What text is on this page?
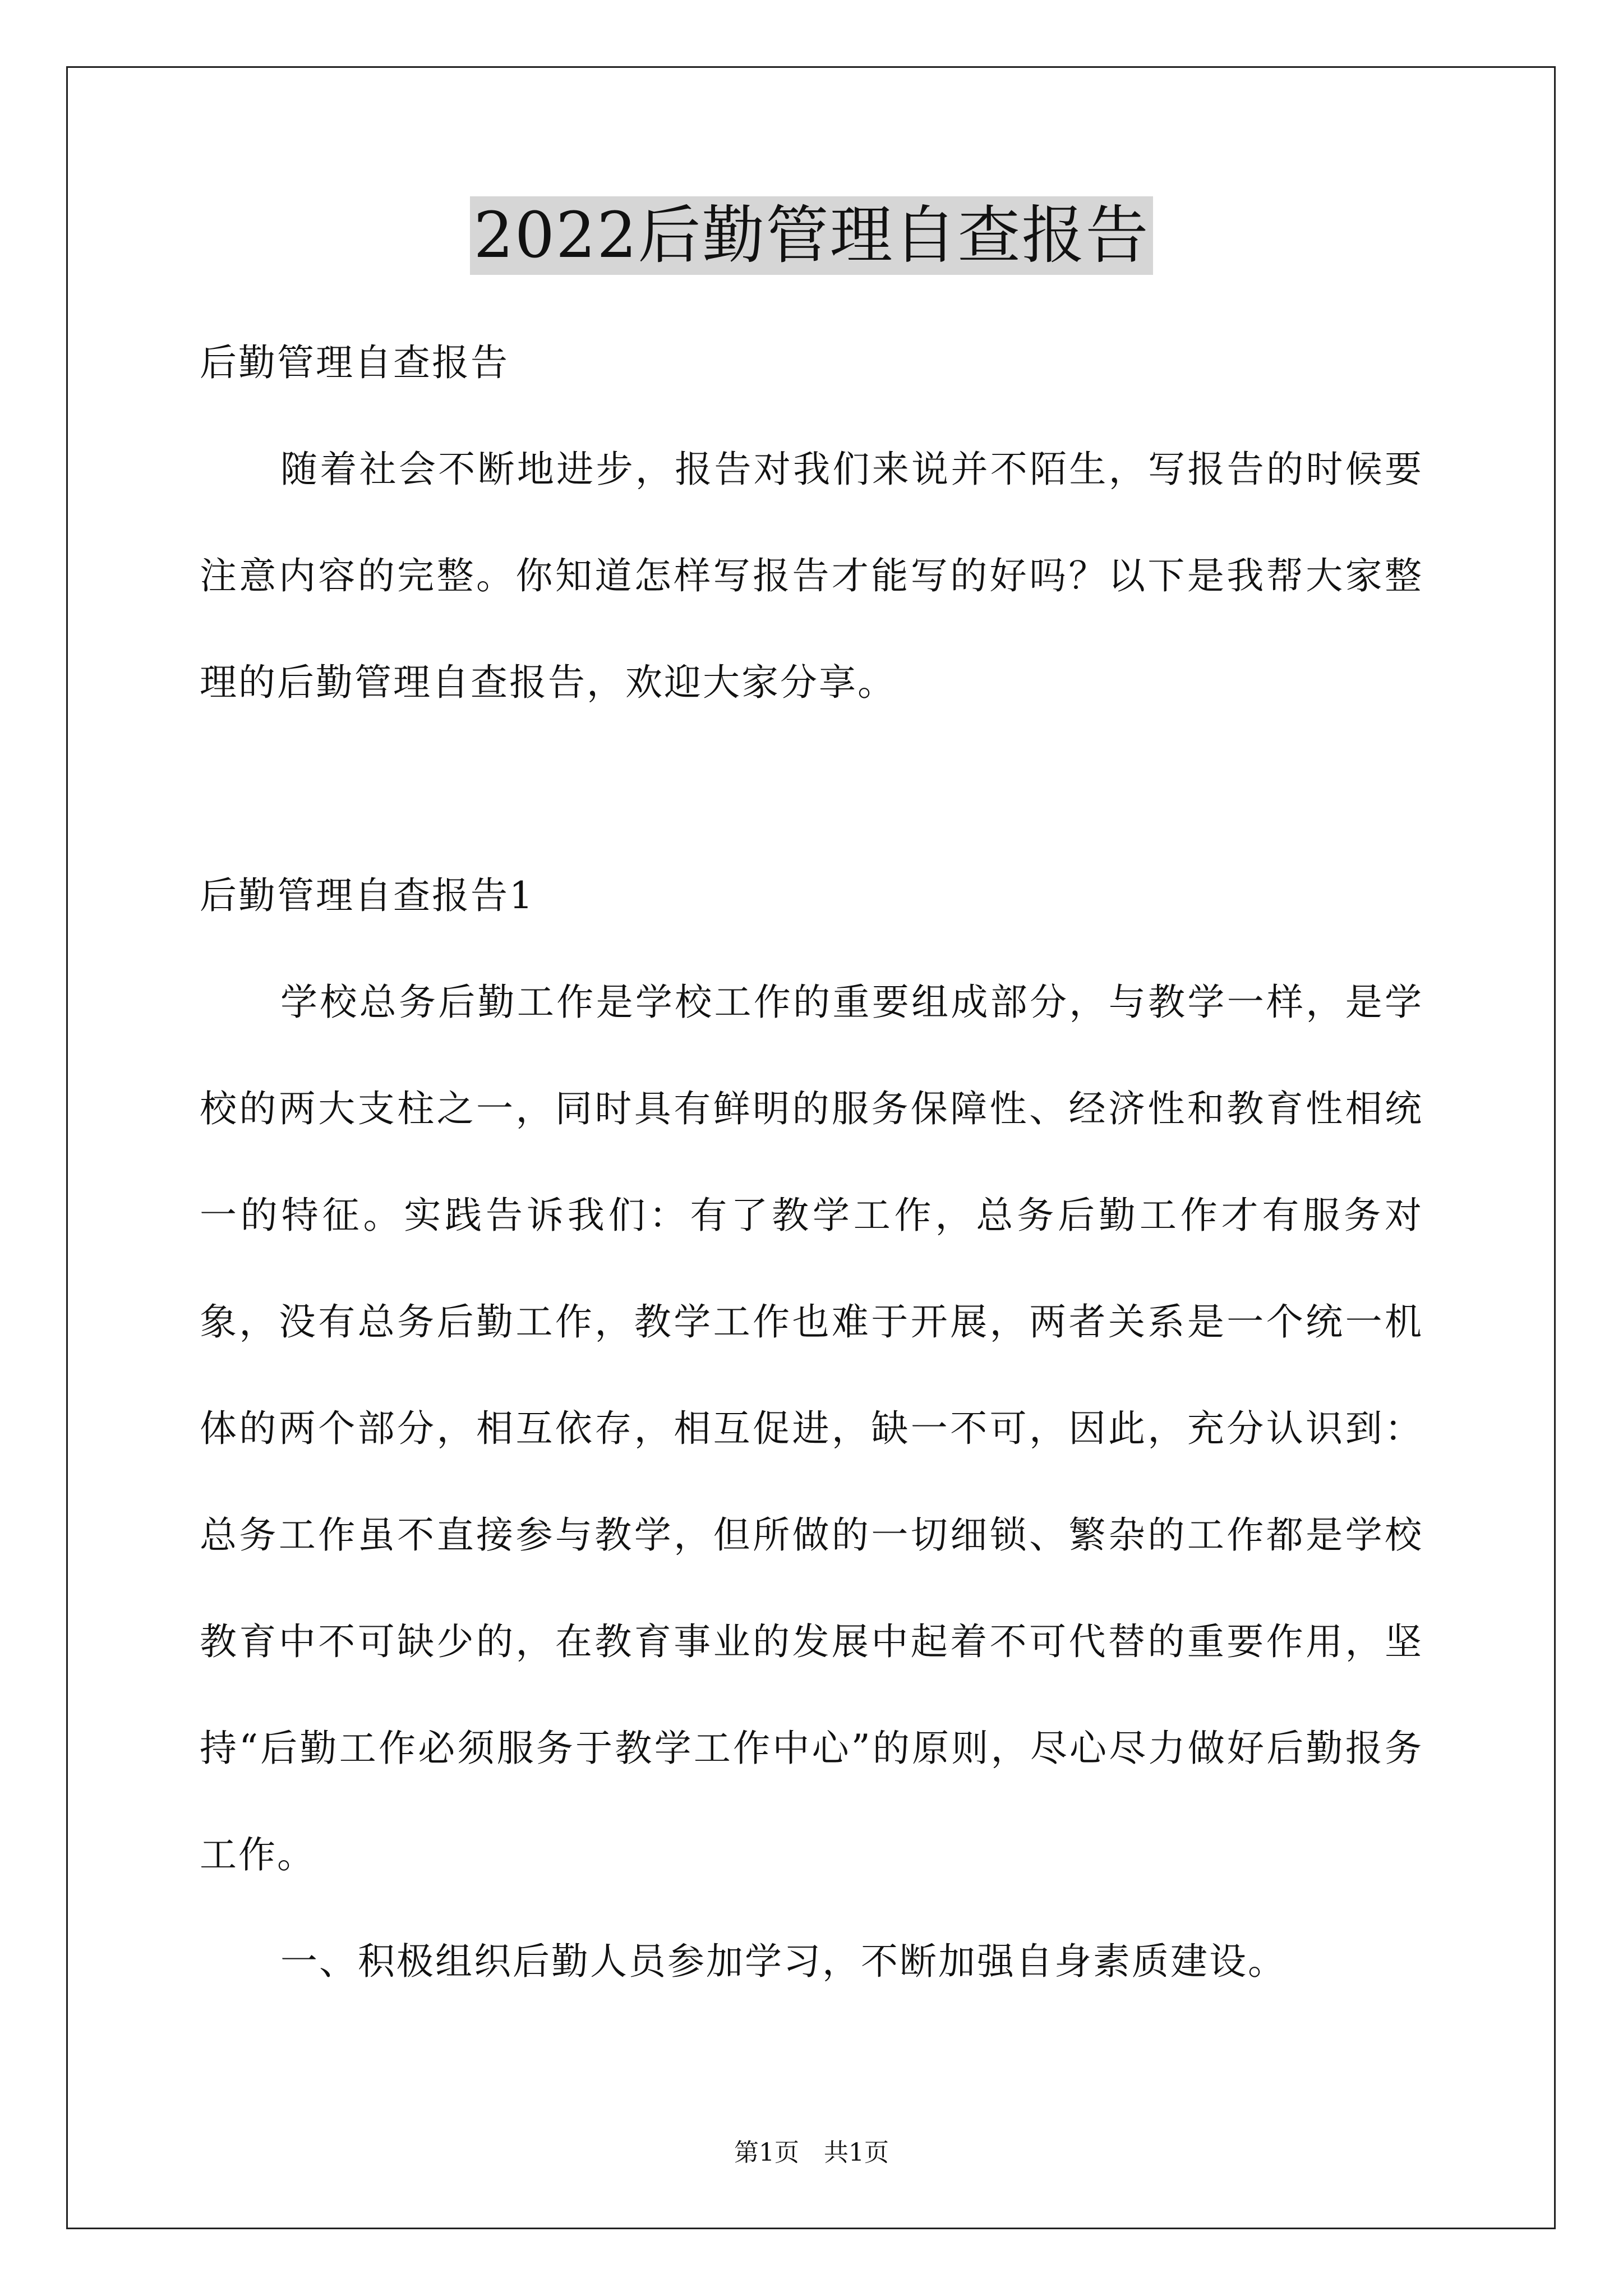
2022后勤管理自查报告

后勤管理自查报告

随着社会不断地进步，报告对我们来说并不陌生，写报告的时候要注意内容的完整。你知道怎样写报告才能写的好吗？以下是我帮大家整理的后勤管理自查报告，欢迎大家分享。

后勤管理自查报告1

学校总务后勤工作是学校工作的重要组成部分，与教学一样，是学校的两大支柱之一，同时具有鲜明的服务保障性、经济性和教育性相统一的特征。实践告诉我们：有了教学工作，总务后勤工作才有服务对象，没有总务后勤工作，教学工作也难于开展，两者关系是一个统一机体的两个部分，相互依存，相互促进，缺一不可，因此，充分认识到：总务工作虽不直接参与教学，但所做的一切细锁、繁杂的工作都是学校教育中不可缺少的，在教育事业的发展中起着不可代替的重要作用，坚持“后勤工作必须服务于教学工作中心”的原则，尽心尽力做好后勤报务工作。

一、积极组织后勤人员参加学习，不断加强自身素质建设。

第1页　共1页
